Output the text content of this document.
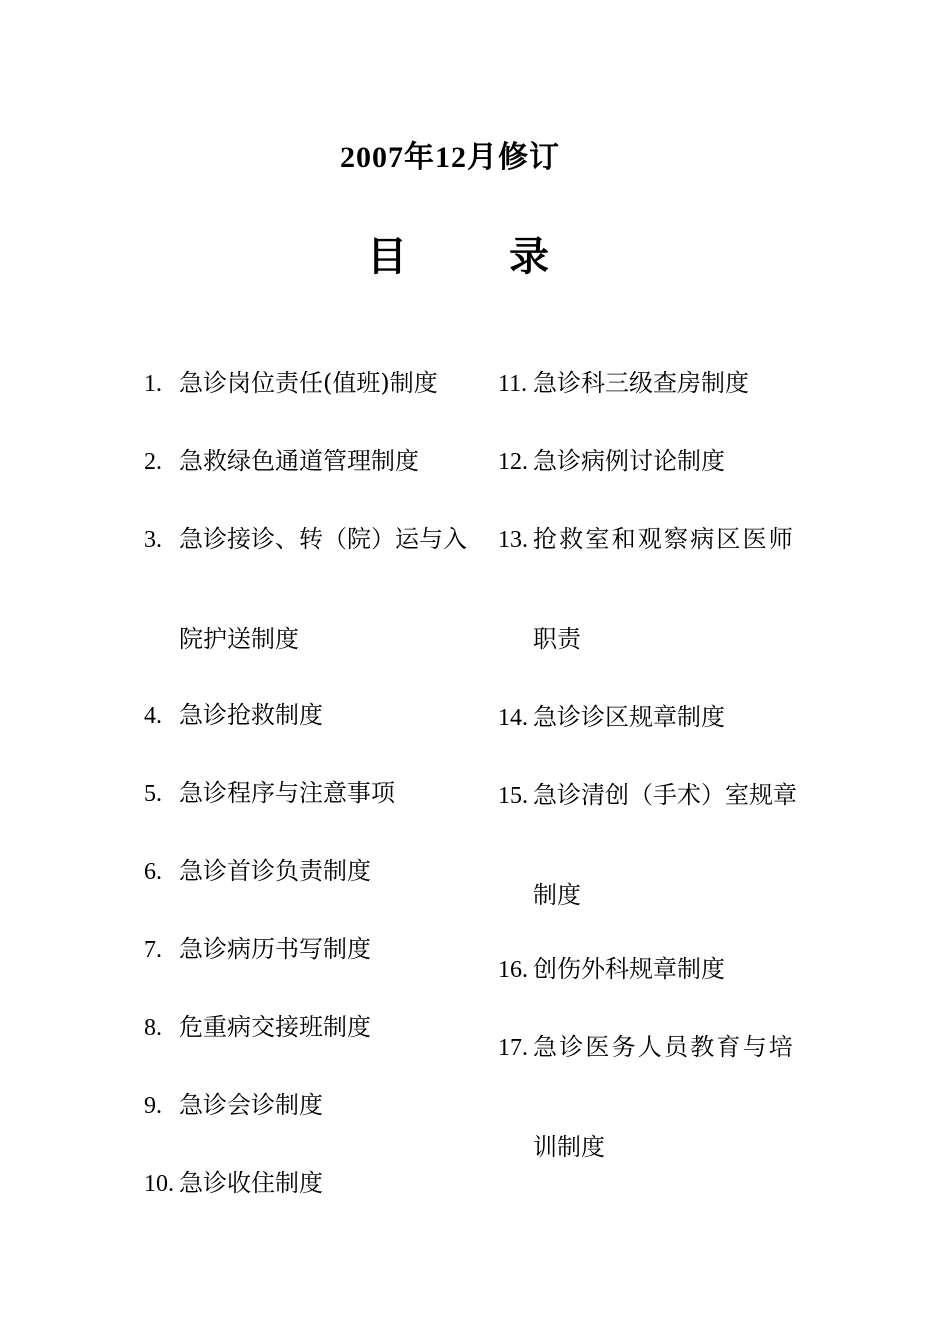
2007年12月修订
目 录
1. 急诊岗位责任(值班)制度
2. 急救绿色通道管理制度
3. 急诊接诊、转（院）运与入
院护送制度
4. 急诊抢救制度
5. 急诊程序与注意事项
6. 急诊首诊负责制度
7. 急诊病历书写制度
8. 危重病交接班制度
9. 急诊会诊制度
10. 急诊收住制度
11. 急诊科三级查房制度
12. 急诊病例讨论制度
13. 抢救室和观察病区医师
职责
14. 急诊诊区规章制度
15. 急诊清创（手术）室规章
制度
16. 创伤外科规章制度
17. 急诊医务人员教育与培
训制度
